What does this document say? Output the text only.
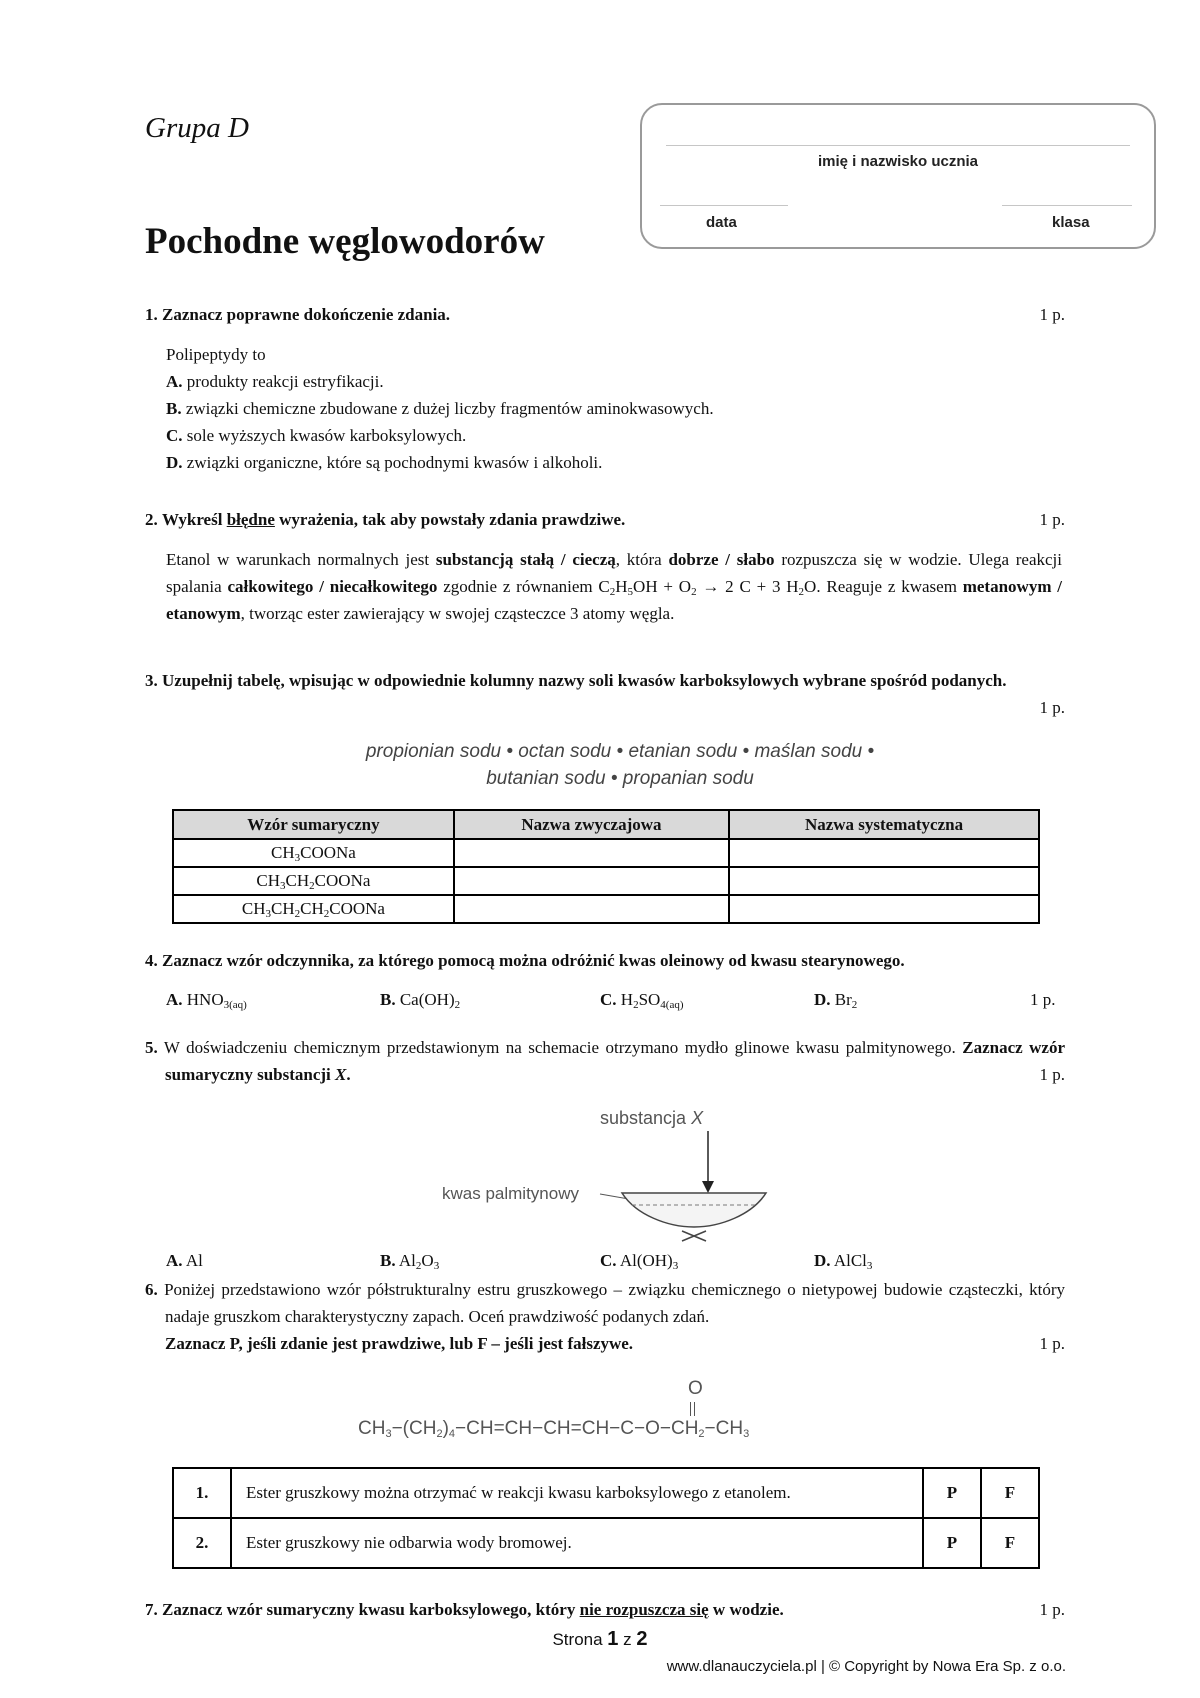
Grupa D
Pochodne węglowodorów
imię i nazwisko ucznia
data	klasa
1. Zaznacz poprawne dokończenie zdania.	1 p.
Polipeptydy to
A. produkty reakcji estryfikacji.
B. związki chemiczne zbudowane z dużej liczby fragmentów aminokwasowych.
C. sole wyższych kwasów karboksylowych.
D. związki organiczne, które są pochodnymi kwasów i alkoholi.
2. Wykreśl błędne wyrażenia, tak aby powstały zdania prawdziwe.	1 p.
Etanol w warunkach normalnych jest substancją stałą / cieczą, która dobrze / słabo rozpuszcza się w wodzie. Ulega reakcji spalania całkowitego / niecałkowitego zgodnie z równaniem $C_2H_5OH + O_2 \to 2$ C + 3 $H_2O$. Reaguje z kwasem metanowym / etanowym, tworząc ester zawierający w swojej cząsteczce 3 atomy węgla.
3. Uzupełnij tabelę, wpisując w odpowiednie kolumny nazwy soli kwasów karboksylowych wybrane spośród podanych.
1 p.
propionian sodu • octan sodu • etanian sodu • maślan sodu •
butanian sodu • propanian sodu
Wzór sumaryczny	Nazwa zwyczajowa	Nazwa systematyczna
$CH_3COONa$		
$CH_3CH_2COONa$		
$CH_3CH_2CH_2COONa$		
4. Zaznacz wzór odczynnika, za którego pomocą można odróżnić kwas oleinowy od kwasu stearynowego.
A. $HNO_{3(aq)}$	B. $Ca(OH)_2$	C. $H_2SO_{4(aq)}$	D. $Br_2$	1 p.
5. W doświadczeniu chemicznym przedstawionym na schemacie otrzymano mydło glinowe kwasu palmitynowego. Zaznacz wzór sumaryczny substancji X.	1 p.
substancja X
kwas palmitynowy
A. Al	B. $Al_2O_3$	C. $Al(OH)_3$	D. AlCl$_3$
6. Poniżej przedstawiono wzór półstrukturalny estru gruszkowego – związku chemicznego o nietypowej budowie cząsteczki, który nadaje gruszkom charakterystyczny zapach. Oceń prawdziwość podanych zdań.
Zaznacz P, jeśli zdanie jest prawdziwe, lub F – jeśli jest fałszywe.	1 p.
O
$CH_3-(CH_2)_4-CH=CH-CH=CH-C-O-CH_2-CH_3$
1.	Ester gruszkowy można otrzymać w reakcji kwasu karboksylowego z etanolem.	P	F
2.	Ester gruszkowy nie odbarwia wody bromowej.	P	F
7. Zaznacz wzór sumaryczny kwasu karboksylowego, który nie rozpuszcza się w wodzie.	1 p.
Strona 1 z 2
www.dlanauczyciela.pl | © Copyright by Nowa Era Sp. z o.o.
